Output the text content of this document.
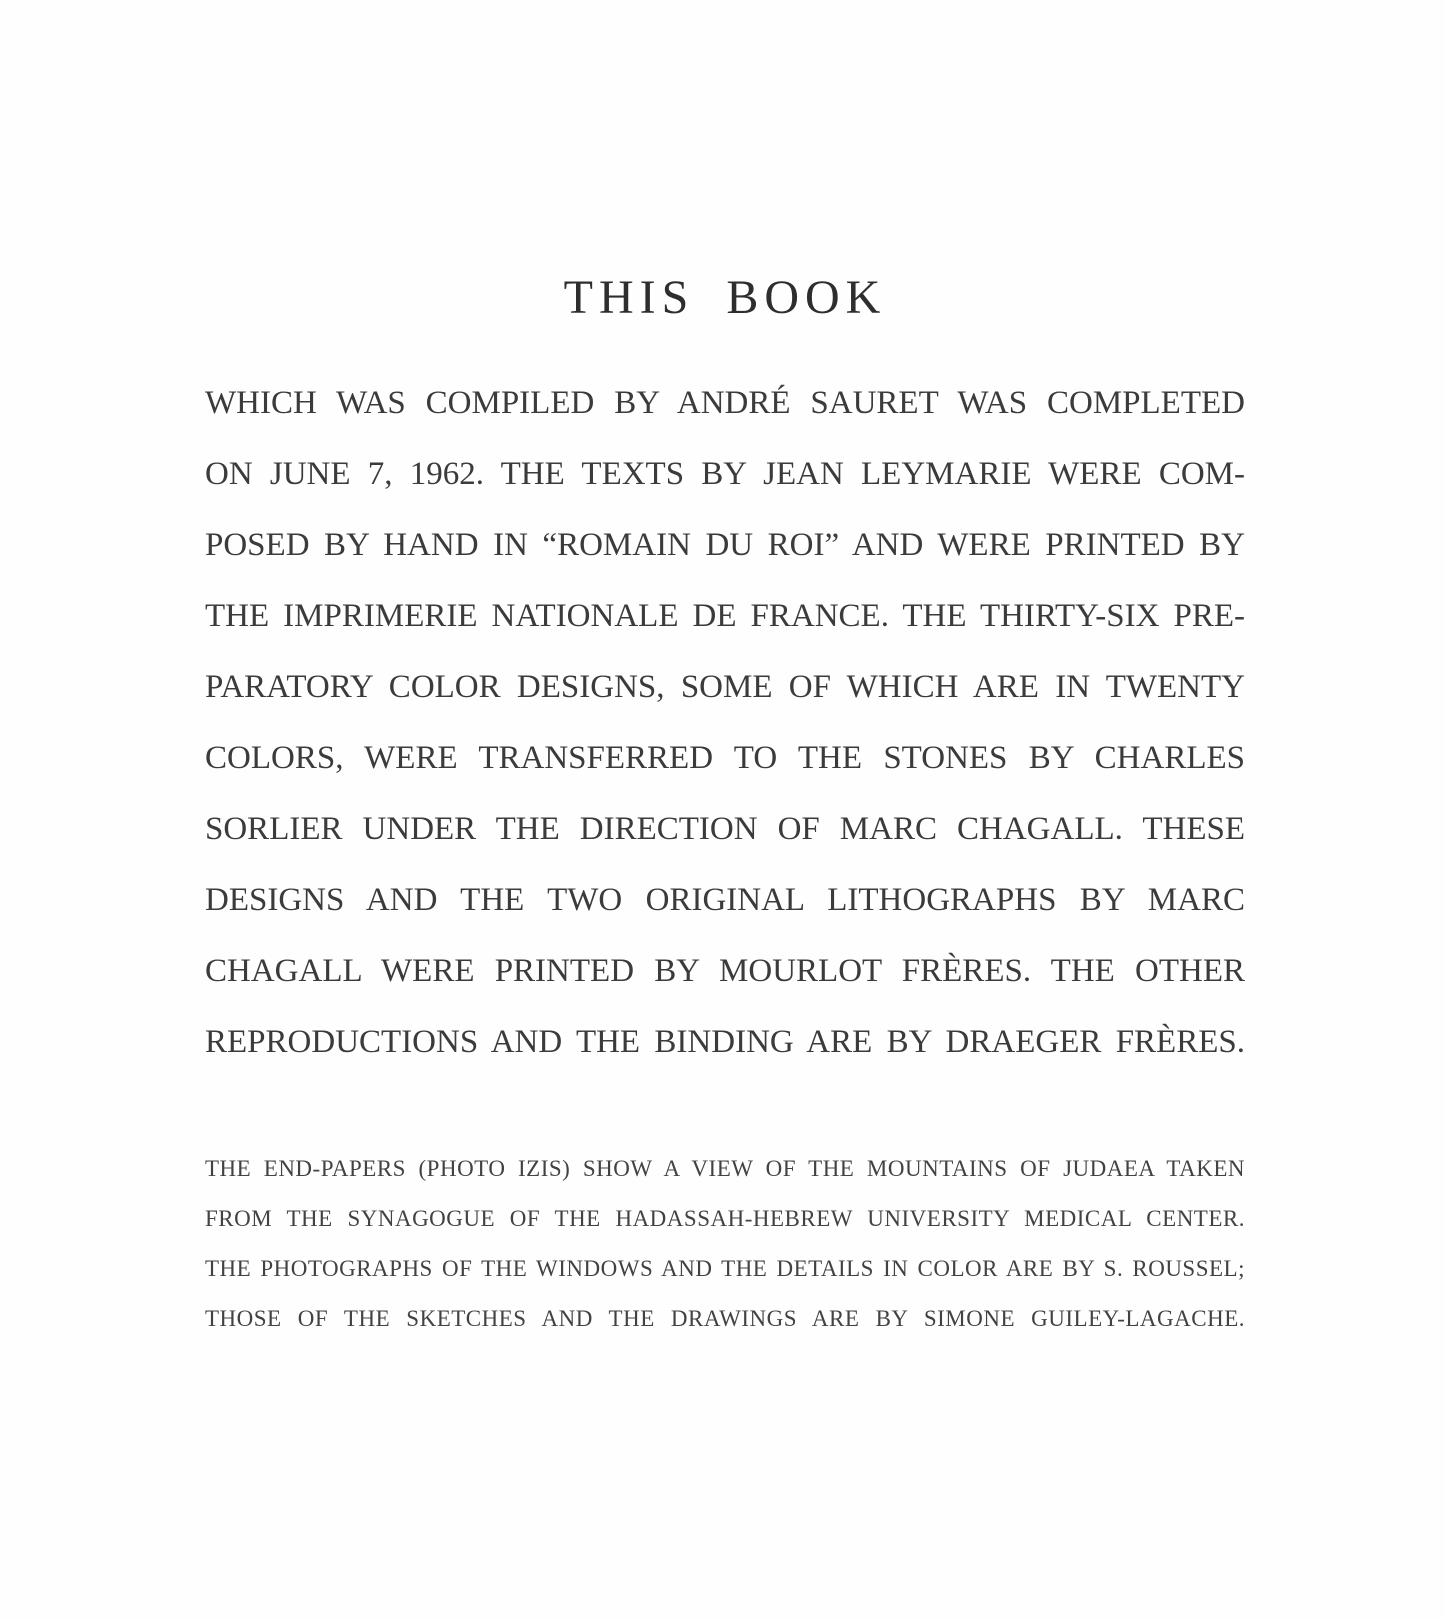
THIS BOOK
WHICH WAS COMPILED BY ANDRÉ SAURET WAS COMPLETED
ON JUNE 7, 1962. THE TEXTS BY JEAN LEYMARIE WERE COM-
POSED BY HAND IN “ROMAIN DU ROI” AND WERE PRINTED BY
THE IMPRIMERIE NATIONALE DE FRANCE. THE THIRTY-SIX PRE-
PARATORY COLOR DESIGNS, SOME OF WHICH ARE IN TWENTY
COLORS, WERE TRANSFERRED TO THE STONES BY CHARLES
SORLIER UNDER THE DIRECTION OF MARC CHAGALL. THESE
DESIGNS AND THE TWO ORIGINAL LITHOGRAPHS BY MARC
CHAGALL WERE PRINTED BY MOURLOT FRÈRES. THE OTHER
REPRODUCTIONS AND THE BINDING ARE BY DRAEGER FRÈRES.
THE END-PAPERS (PHOTO IZIS) SHOW A VIEW OF THE MOUNTAINS OF JUDAEA TAKEN
FROM THE SYNAGOGUE OF THE HADASSAH-HEBREW UNIVERSITY MEDICAL CENTER.
THE PHOTOGRAPHS OF THE WINDOWS AND THE DETAILS IN COLOR ARE BY S. ROUSSEL;
THOSE OF THE SKETCHES AND THE DRAWINGS ARE BY SIMONE GUILEY-LAGACHE.
